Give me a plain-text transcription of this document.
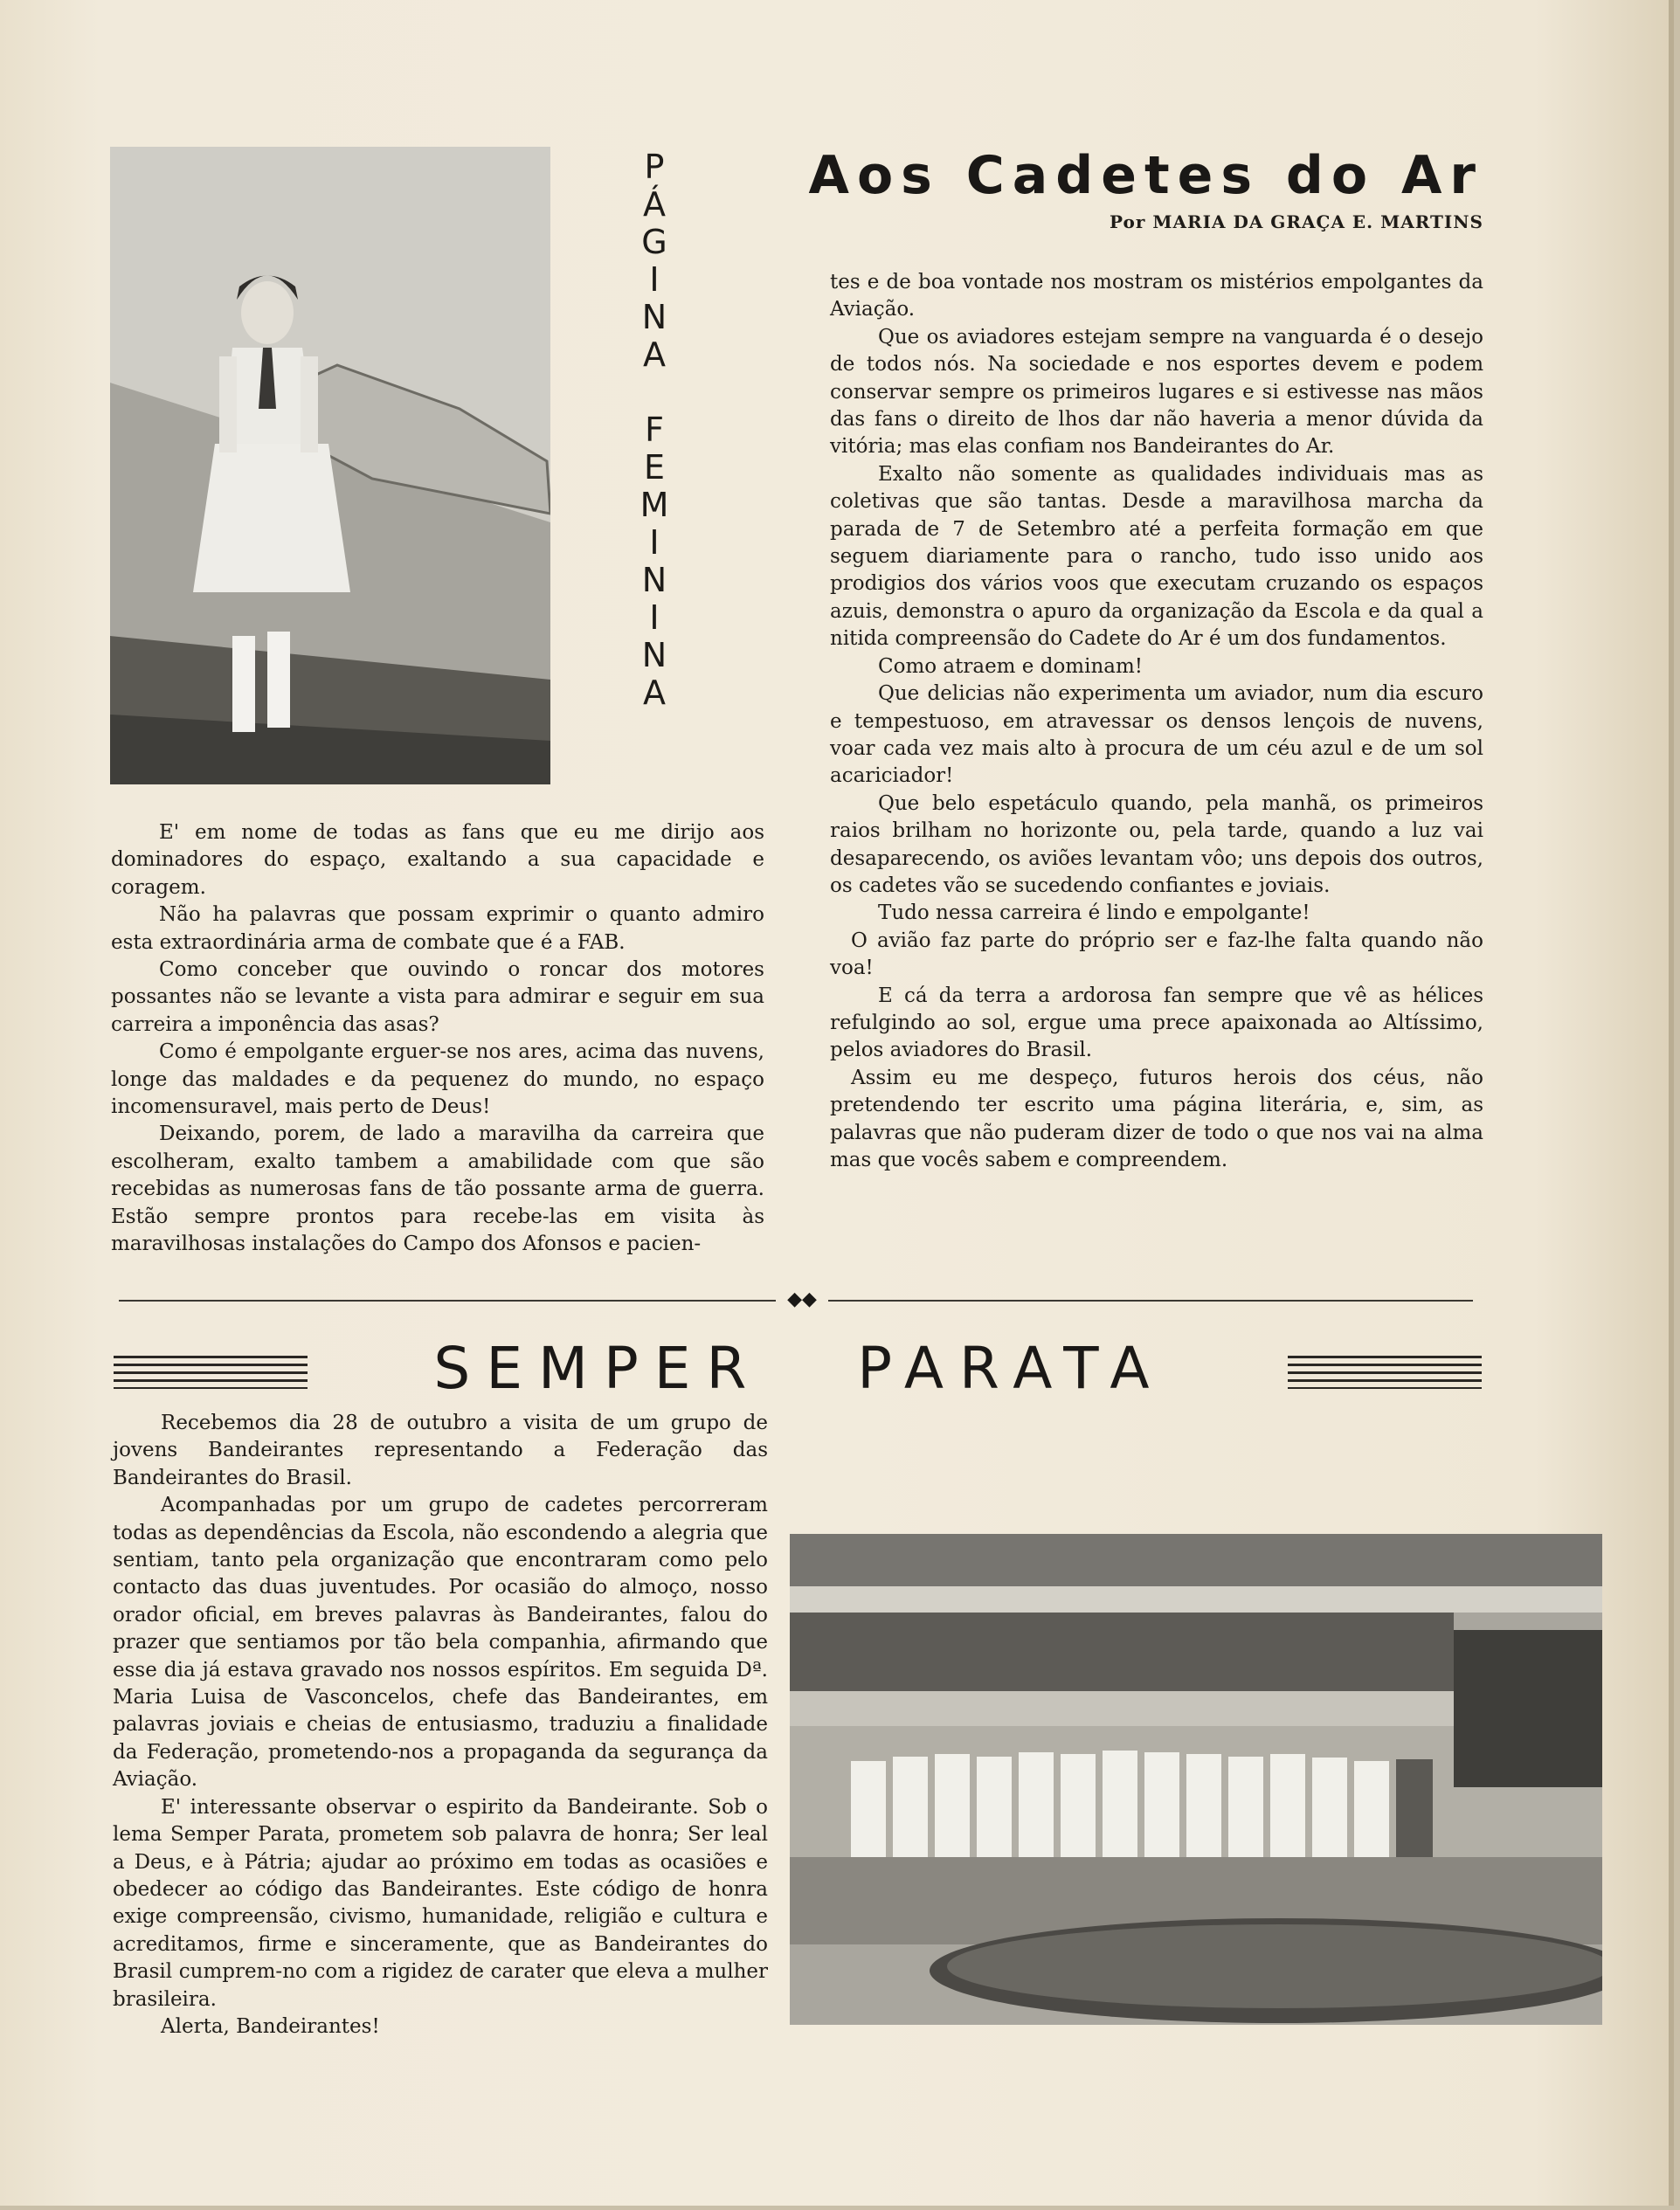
P
Á
G
I
N
A
F
E
M
I
N
I
N
A
Aos Cadetes do Ar
Por MARIA DA GRAÇA E. MARTINS

E' em nome de todas as fans que eu me dirijo aos dominadores do espaço, exaltando a sua capacidade e coragem.

Não ha palavras que possam exprimir o quanto admiro esta extraordinária arma de combate que é a FAB.

Como conceber que ouvindo o roncar dos motores possantes não se levante a vista para admirar e seguir em sua carreira a imponência das asas?

Como é empolgante erguer-se nos ares, acima das nuvens, longe das maldades e da pequenez do mundo, no espaço incomensuravel, mais perto de Deus!

Deixando, porem, de lado a maravilha da carreira que escolheram, exalto tambem a amabilidade com que são recebidas as numerosas fans de tão possante arma de guerra. Estão sempre prontos para recebe-las em visita às maravilhosas instalações do Campo dos Afonsos e pacien-

tes e de boa vontade nos mostram os mistérios empolgantes da Aviação.

Que os aviadores estejam sempre na vanguarda é o desejo de todos nós. Na sociedade e nos esportes devem e podem conservar sempre os primeiros lugares e si estivesse nas mãos das fans o direito de lhos dar não haveria a menor dúvida da vitória; mas elas confiam nos Bandeirantes do Ar.

Exalto não somente as qualidades individuais mas as coletivas que são tantas. Desde a maravilhosa marcha da parada de 7 de Setembro até a perfeita formação em que seguem diariamente para o rancho, tudo isso unido aos prodigios dos vários voos que executam cruzando os espaços azuis, demonstra o apuro da organização da Escola e da qual a nitida compreensão do Cadete do Ar é um dos fundamentos.

Como atraem e dominam!

Que delicias não experimenta um aviador, num dia escuro e tempestuoso, em atravessar os densos lençois de nuvens, voar cada vez mais alto à procura de um céu azul e de um sol acariciador!

Que belo espetáculo quando, pela manhã, os primeiros raios brilham no horizonte ou, pela tarde, quando a luz vai desaparecendo, os aviões levantam vôo; uns depois dos outros, os cadetes vão se sucedendo confiantes e joviais.

Tudo nessa carreira é lindo e empolgante!

O avião faz parte do próprio ser e faz-lhe falta quando não voa!

E cá da terra a ardorosa fan sempre que vê as hélices refulgindo ao sol, ergue uma prece apaixonada ao Altíssimo, pelos aviadores do Brasil.

Assim eu me despeço, futuros herois dos céus, não pretendendo ter escrito uma página literária, e, sim, as palavras que não puderam dizer de todo o que nos vai na alma mas que vocês sabem e compreendem.

◆◆
SEMPER PARATA

Recebemos dia 28 de outubro a visita de um grupo de jovens Bandeirantes representando a Federação das Bandeirantes do Brasil.

Acompanhadas por um grupo de cadetes percorreram todas as dependências da Escola, não escondendo a alegria que sentiam, tanto pela organização que encontraram como pelo contacto das duas juventudes. Por ocasião do almoço, nosso orador oficial, em breves palavras às Bandeirantes, falou do prazer que sentiamos por tão bela companhia, afirmando que esse dia já estava gravado nos nossos espíritos. Em seguida Dª. Maria Luisa de Vasconcelos, chefe das Bandeirantes, em palavras joviais e cheias de entusiasmo, traduziu a finalidade da Federação, prometendo-nos a propaganda da segurança da Aviação.

E' interessante observar o espirito da Bandeirante. Sob o lema Semper Parata, prometem sob palavra de honra; Ser leal a Deus, e à Pátria; ajudar ao próximo em todas as ocasiões e obedecer ao código das Bandeirantes. Este código de honra exige compreensão, civismo, humanidade, religião e cultura e acreditamos, firme e sinceramente, que as Bandeirantes do Brasil cumprem-no com a rigidez de carater que eleva a mulher brasileira.

Alerta, Bandeirantes!
